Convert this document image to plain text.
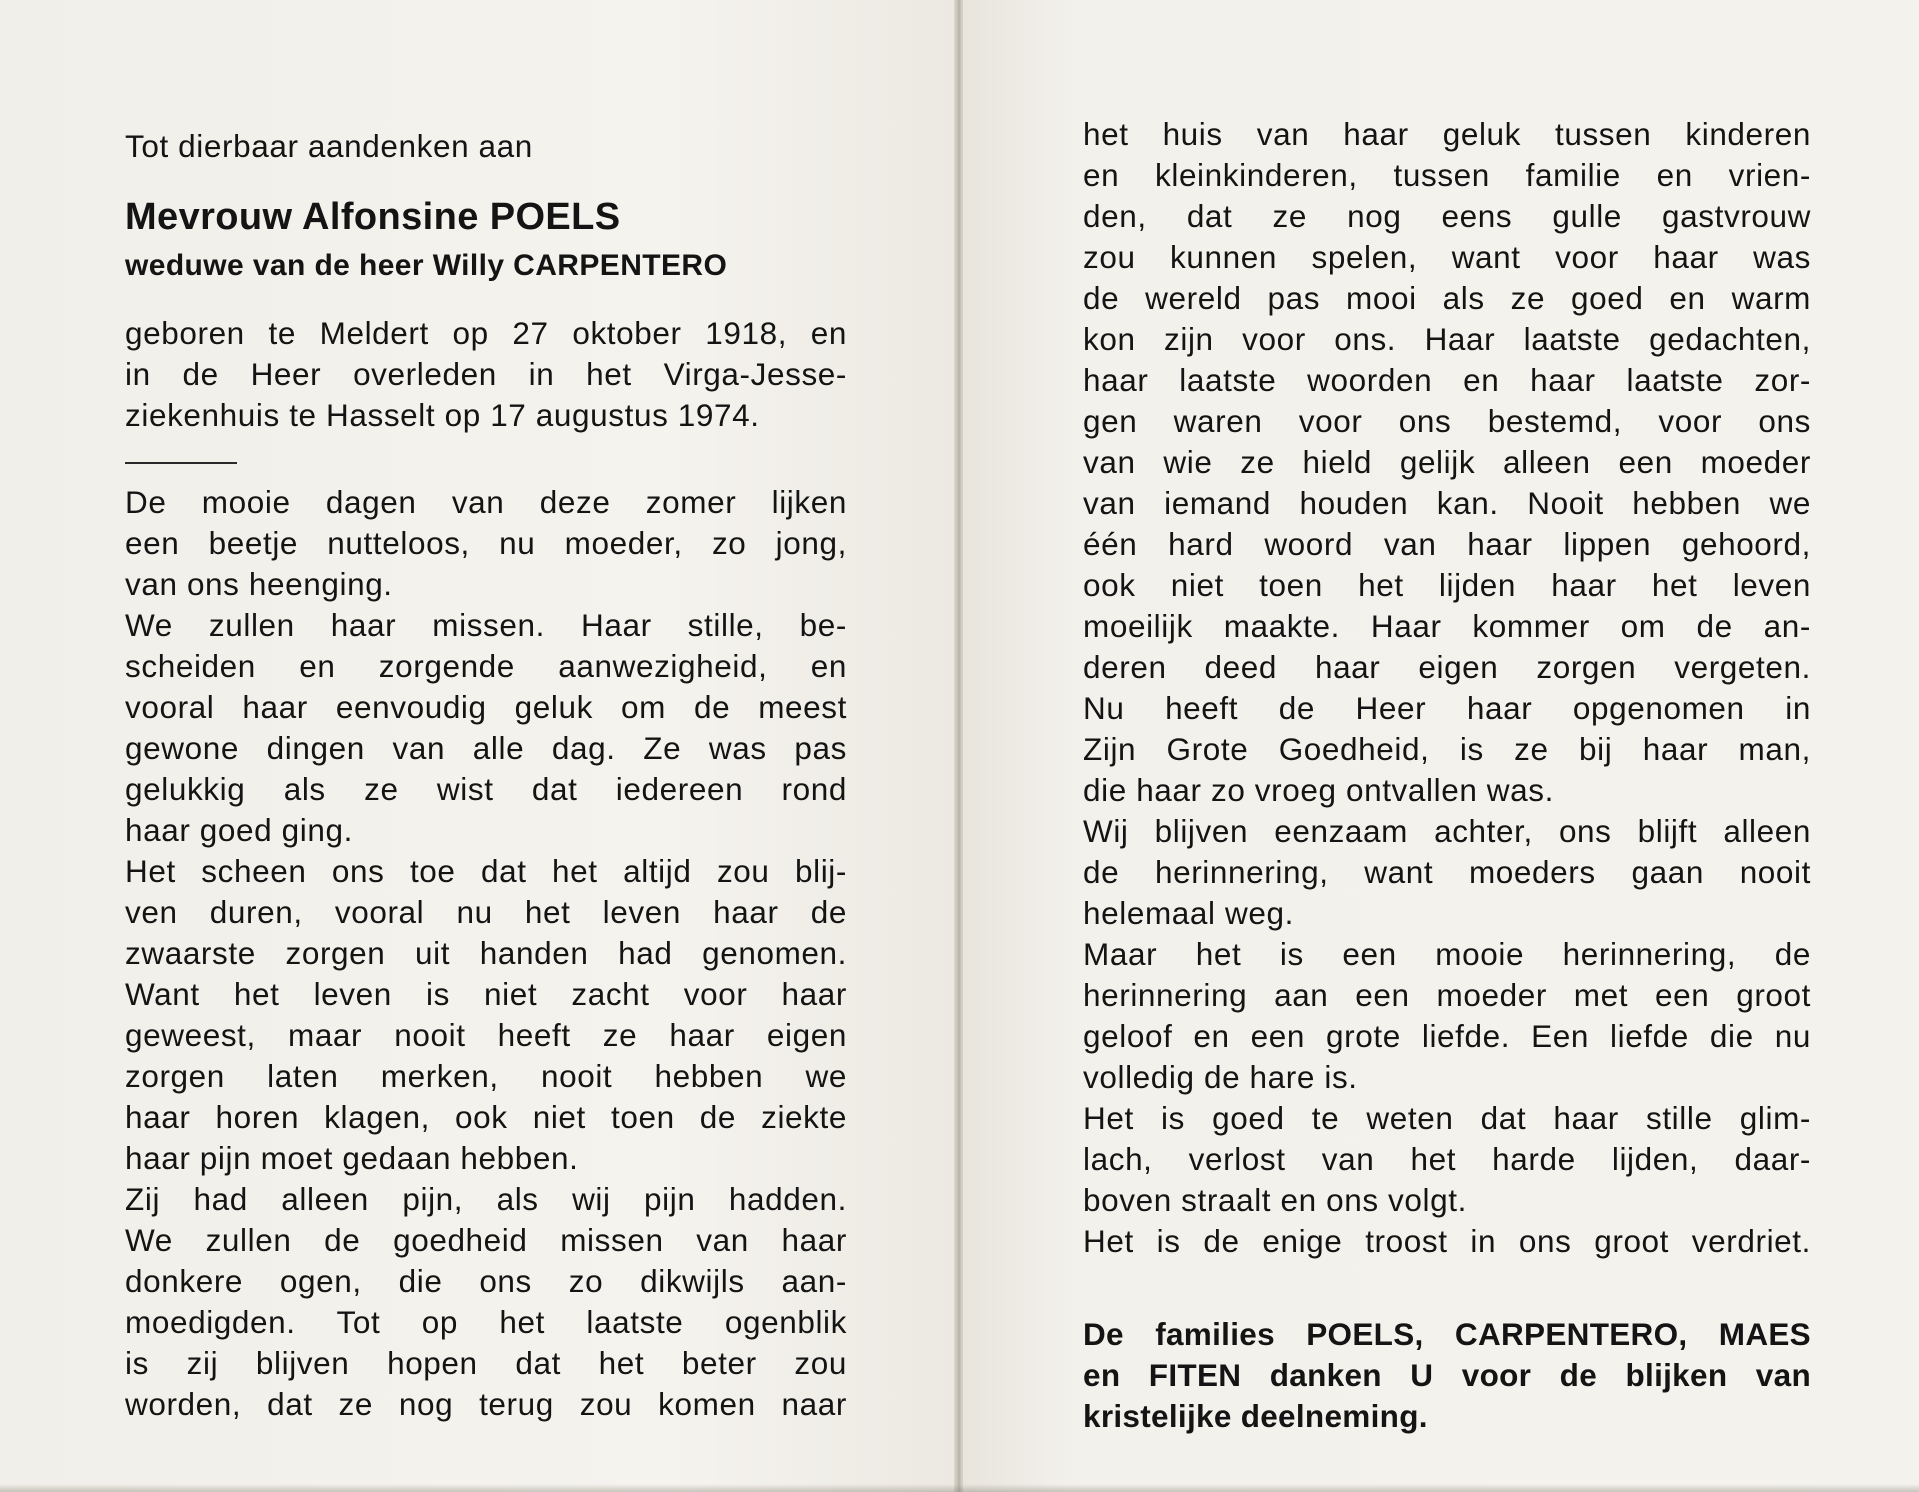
Tot dierbaar aandenken aan
Mevrouw Alfonsine POELS
weduwe van de heer Willy CARPENTERO
geboren te Meldert op 27 oktober 1918, en
in de Heer overleden in het Virga-Jesse-
ziekenhuis te Hasselt op 17 augustus 1974.
De mooie dagen van deze zomer lijken
een beetje nutteloos, nu moeder, zo jong,
van ons heenging.
We zullen haar missen. Haar stille, be-
scheiden en zorgende aanwezigheid, en
vooral haar eenvoudig geluk om de meest
gewone dingen van alle dag. Ze was pas
gelukkig als ze wist dat iedereen rond
haar goed ging.
Het scheen ons toe dat het altijd zou blij-
ven duren, vooral nu het leven haar de
zwaarste zorgen uit handen had genomen.
Want het leven is niet zacht voor haar
geweest, maar nooit heeft ze haar eigen
zorgen laten merken, nooit hebben we
haar horen klagen, ook niet toen de ziekte
haar pijn moet gedaan hebben.
Zij had alleen pijn, als wij pijn hadden.
We zullen de goedheid missen van haar
donkere ogen, die ons zo dikwijls aan-
moedigden. Tot op het laatste ogenblik
is zij blijven hopen dat het beter zou
worden, dat ze nog terug zou komen naar
het huis van haar geluk tussen kinderen
en kleinkinderen, tussen familie en vrien-
den, dat ze nog eens gulle gastvrouw
zou kunnen spelen, want voor haar was
de wereld pas mooi als ze goed en warm
kon zijn voor ons. Haar laatste gedachten,
haar laatste woorden en haar laatste zor-
gen waren voor ons bestemd, voor ons
van wie ze hield gelijk alleen een moeder
van iemand houden kan. Nooit hebben we
één hard woord van haar lippen gehoord,
ook niet toen het lijden haar het leven
moeilijk maakte. Haar kommer om de an-
deren deed haar eigen zorgen vergeten.
Nu heeft de Heer haar opgenomen in
Zijn Grote Goedheid, is ze bij haar man,
die haar zo vroeg ontvallen was.
Wij blijven eenzaam achter, ons blijft alleen
de herinnering, want moeders gaan nooit
helemaal weg.
Maar het is een mooie herinnering, de
herinnering aan een moeder met een groot
geloof en een grote liefde. Een liefde die nu
volledig de hare is.
Het is goed te weten dat haar stille glim-
lach, verlost van het harde lijden, daar-
boven straalt en ons volgt.
Het is de enige troost in ons groot verdriet.
De families POELS, CARPENTERO, MAES
en FITEN danken U voor de blijken van
kristelijke deelneming.
